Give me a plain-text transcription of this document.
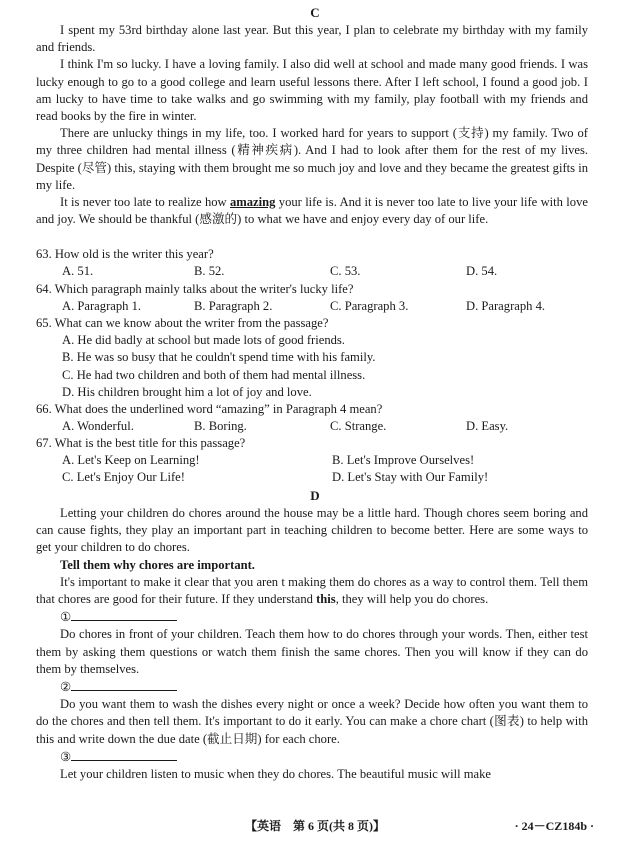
C

I spent my 53rd birthday alone last year. But this year, I plan to celebrate my birthday with my family and friends.

I think I'm so lucky. I have a loving family. I also did well at school and made many good friends. I was lucky enough to go to a good college and learn useful lessons there. After I left school, I found a good job. I am lucky to have time to take walks and go swimming with my family, play football with my friends and read books by the fire in winter.

There are unlucky things in my life, too. I worked hard for years to support (支持) my family. Two of my three children had mental illness (精神疾病). And I had to look after them for the rest of my lives. Despite (尽管) this, staying with them brought me so much joy and love and they became the greatest gifts in my life.

It is never too late to realize how amazing your life is. And it is never too late to live your life with love and joy. We should be thankful (感激的) to what we have and enjoy every day of our life.

63. How old is the writer this year?
A. 51.	B. 52.	C. 53.	D. 54.
64. Which paragraph mainly talks about the writer's lucky life?
A. Paragraph 1.	B. Paragraph 2.	C. Paragraph 3.	D. Paragraph 4.
65. What can we know about the writer from the passage?
A. He did badly at school but made lots of good friends.
B. He was so busy that he couldn't spend time with his family.
C. He had two children and both of them had mental illness.
D. His children brought him a lot of joy and love.
66. What does the underlined word “amazing” in Paragraph 4 mean?
A. Wonderful.	B. Boring.	C. Strange.	D. Easy.
67. What is the best title for this passage?
A. Let's Keep on Learning!	B. Let's Improve Ourselves!
C. Let's Enjoy Our Life!	D. Let's Stay with Our Family!
D

Letting your children do chores around the house may be a little hard. Though chores seem boring and can cause fights, they play an important part in teaching children to become better. Here are some ways to get your children to do chores.

Tell them why chores are important.

It's important to make it clear that you aren t making them do chores as a way to control them. Tell them that chores are good for their future. If they understand this, they will help you do chores.

①

Do chores in front of your children. Teach them how to do chores through your words. Then, either test them by asking them questions or watch them finish the same chores. Then you will know if they can do them by themselves.

②

Do you want them to wash the dishes every night or once a week? Decide how often you want them to do the chores and then tell them. It's important to do it early. You can make a chore chart (图表) to help with this and write down the due date (截止日期) for each chore.

③

Let your children listen to music when they do chores. The beautiful music will make

【英语　第 6 页(共 8 页)】	· 24－CZ184b ·
